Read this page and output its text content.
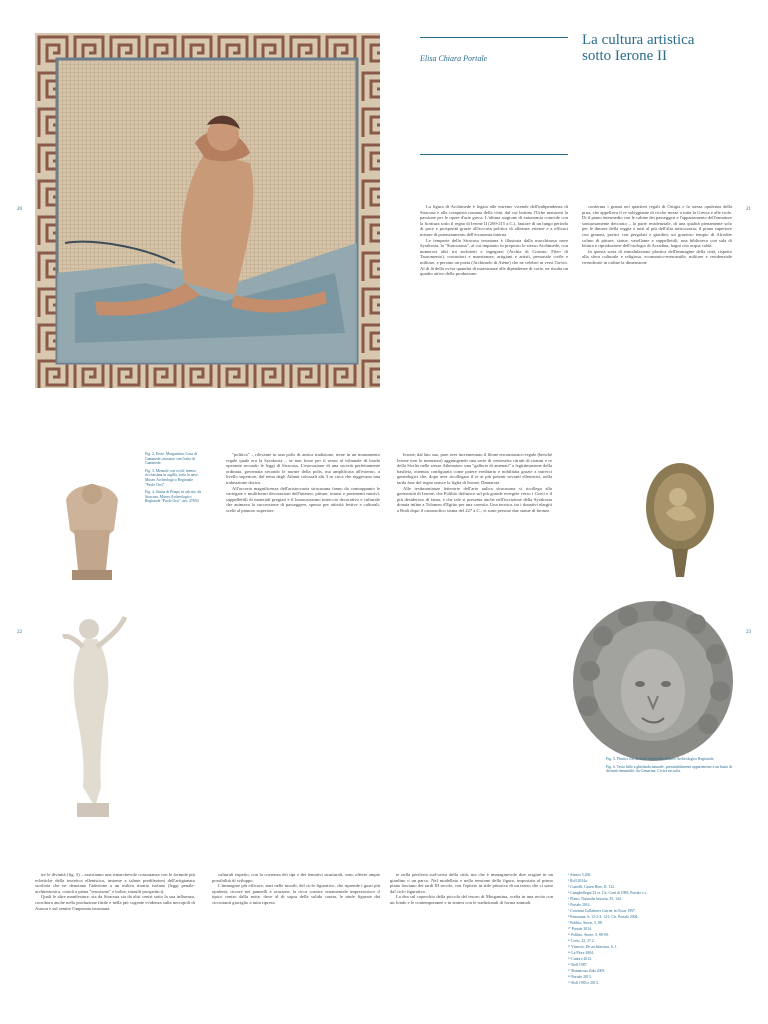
Elisa Chiara Portale
La cultura artistica
sotto Ierone II
20	21

La figura di Archimede è legata alle estreme vicende dell'indipendenza di Siracusa e alla conquista romana della città, dal cui bottino l'Urbe maturerà la passione per le opere d'arte greca. L'ultima stagione di autonomia coincide con la fioritura sotto il regno di Ierone II (269-215 a.C.), fautore di un lungo periodo di pace e prosperità grazie all'accorta politica di alleanze esterne e a efficaci misure di potenziamento dell'economia interna.

Le temperie della Siracusa ieroniana è illustrata dalla macchinosa nave Syrakosia, la "Siracusana", al cui impianto fu preposto lo stesso Archimede, con numerosi altri tra architetti e ingegneri (Archia di Corinto, Fileo di Tauromenio), costruttori e maestranze, artigiani e artisti, personale civile e militare, e persino un poeta (Archimelo di Atene) che ne celebrò in versi l'avvio. Al di là della ovvia quantità di maestranze alle dipendenze di corte, ne risulta un quadro attivo della produzione.

conferma i granai nei quartieri regali di Ortigia e la stessa opulenza della prua, che appellava il re soleggiante di ricche nozze a tutta la Grecia e alle isole. Di il piano intermedio con le cabine dei passeggeri e l'appartamento dell'armatore sontuosamente decorato – la parte residenziale, di una qualità pienamente solo per le dimore della reggia e tutti al più dell'alta aristocrazia; il piano superiore con ginnasi, portici con pergolati e giardini, un grazioso tempio di Afrodite colmo di pitture, statue, vasellame e suppellettili, una biblioteca con sala di lettura e riproduzione dell'orologio di Acradina, bagni con acqua calda.

In questa sorta di rimodulazione plastica dell'immagine della città, rispetto alla sfera culturale e religiosa, economico-mercantile, militare e residenziale rivendicate in ordine la dimensione

Fig. 2. Erote. Margaritina, Casa di Ganimede, mosaico con l'ratto di Ganimede.

Fig. 3. Mensole con ovoli, mensa ricchissima in argilla, sotto la nave, Museo Archeologico Regionale "Paolo Orsi".

Fig. 4. Statua di Priapo in calcare, da Siracusa, Museo Archeologico Regionale "Paolo Orsi", inv. 47650.

22	23

"politica" – rilevante in una polis di antica tradizione, tiene in un monumento regale quale era la Syrakosia – se non fosse per il senso al tribunale di bordo operante secondo le leggi di Siracusa. L'esecuzione di una società perfettamente ordinata, governata secondo le norme della polis, ma amplificata all'esterno, a livello superiore, dal tema degli Atlanti colossali alti 3 m circa che reggevano una trabeazione dorica.

All'accorta magnificenza dell'aristocrazia siracusana fanno da contrappunto le variegate e multiformi decorazioni dell'interno, pitture, intarsi e pavimenti musivi, suppellettili di materiali pregiati e il lussuosissimo intreccio decorativo e culturale che animava la successione di passeggere, spesso per attività festive e culturali, scelti al pianoro superiore.

Ierone, dal lato suo, pare aver incrementato il filone encomiastico-regale (benché Ierone non lo menzioni) aggiungendo una serie di ventosetta ritratti di tiranni e re della Sicilia nelle stesse Athenaion: una "galleria di antenati" a legittimazione della basileia, ottenuta configurata come potere ereditario e nobilitata grazie a intrecci genealogici che, dopo aver ricollegato il re ai più potenti sovrani ellenistici, nella tarda fase del regno unisce la figlia di Ierone, Damarata.

Alle testimonianze letterarie dell'arte aulica siracusana si ricollega alla generosità di Ierone, che Polibio definisce sul più grande evergete verso i Greci e il più desideroso di fama, e che tale si presenta anche nell'iscrizione della Syrakosia donata infine a Tolomeo d'Egitto per una carestia. Una tecnica, tra i donativi elargiti a Rodi dopo il catastrofico sisma del 227 a.C., vi sono persino due statue di bronzo.

Fig. 5. Plastici con divinità femminile, Museo Archeologico Regionale.

Fig. 6. Testa fitile a ghirlanda naturale, presumibilmente appartenente a un busto di divinità femminile, da Camarina, Civica raccolta.

tre le divinità (fig. 3) – assistiamo una rimarchevole consonanza con le formule più eclettiche della teoretica ellenistica, insieme a talune predilezioni dell'artigianato siceliota che ne denotano l'adesione a un milieu ritratto isolano (leggi penale-architettonica, ciotoli a piena "ierosismo" e bolite, intaulti prospettici).

Quali le altre manifesture, sia da Siracusa sia da altri centri sotto la sua influenza, corrobora anche nella produzione fittile e nella più cogente evidenza sulla necropoli di Aurora e sul sentire l'impronta ieroniana.

culturali rispetto, con la coerenza dei tipi e dei tentativi strutturali, sono offerte ampie possibilità di sviluppo.

L'immagine più efficace, anzi nelle morali, del ciclo figurativo, che riprende i gusti più opulenti, ricorre nei pannelli a orazione, la ricca cornice ornamentale impreziosisce il tipico centro dalla notte, dove al di sopra della solida caseta, le ninfe figurate dai circostanti giaciglio a tutta ripresa.

te nella periferia sud-ovest della città, ma che è immaginevole dire origine in un giardino o un parco. Nel modellato e nella tensione della figura, impostata al primo piano lasciano dei tardi III secolo, con l'epiteto in stile pittorico di un teatro che ci sono dal ciclo figurativo.

La dea sul coperchio della piccola del tesoro di Morgantina, scelta in una recita con un fondo e le contemporanee e in sintesi con le tradizionali di forma animali.

¹ Ateneo 5.206.
² Roll 2014a.
³ Coarelli, Gruen Here, II, 132.
⁴ Campbellegni 23 et. Cir. Cont di 1985; Portale c.s.
⁵ Plinio, Naturalis historia, 35, 144.
⁶ Portale 2014.
⁷ Coronini Collaborer Carrier in Oscar 1997.
⁸ Panorama, 6, 12-2-3, 12-I. Cfr. Portale 2004.
⁹ Polibio, Storie, 5, 88.
¹⁰ Portale 2014.
¹¹ Polibio, Storie, 5, 88-90.
¹² Livio, 22, 37.2.
¹³ Vitruvio, De architectura, 6, 1.
¹⁴ La Flore 2004.
¹⁵ Canoro 2012.
¹⁶ Roll 1987.
¹⁷ Bonnacasa Zaki 2005.
¹⁸ Portale 2013.
¹⁹ Roll 1983 e 2013.
